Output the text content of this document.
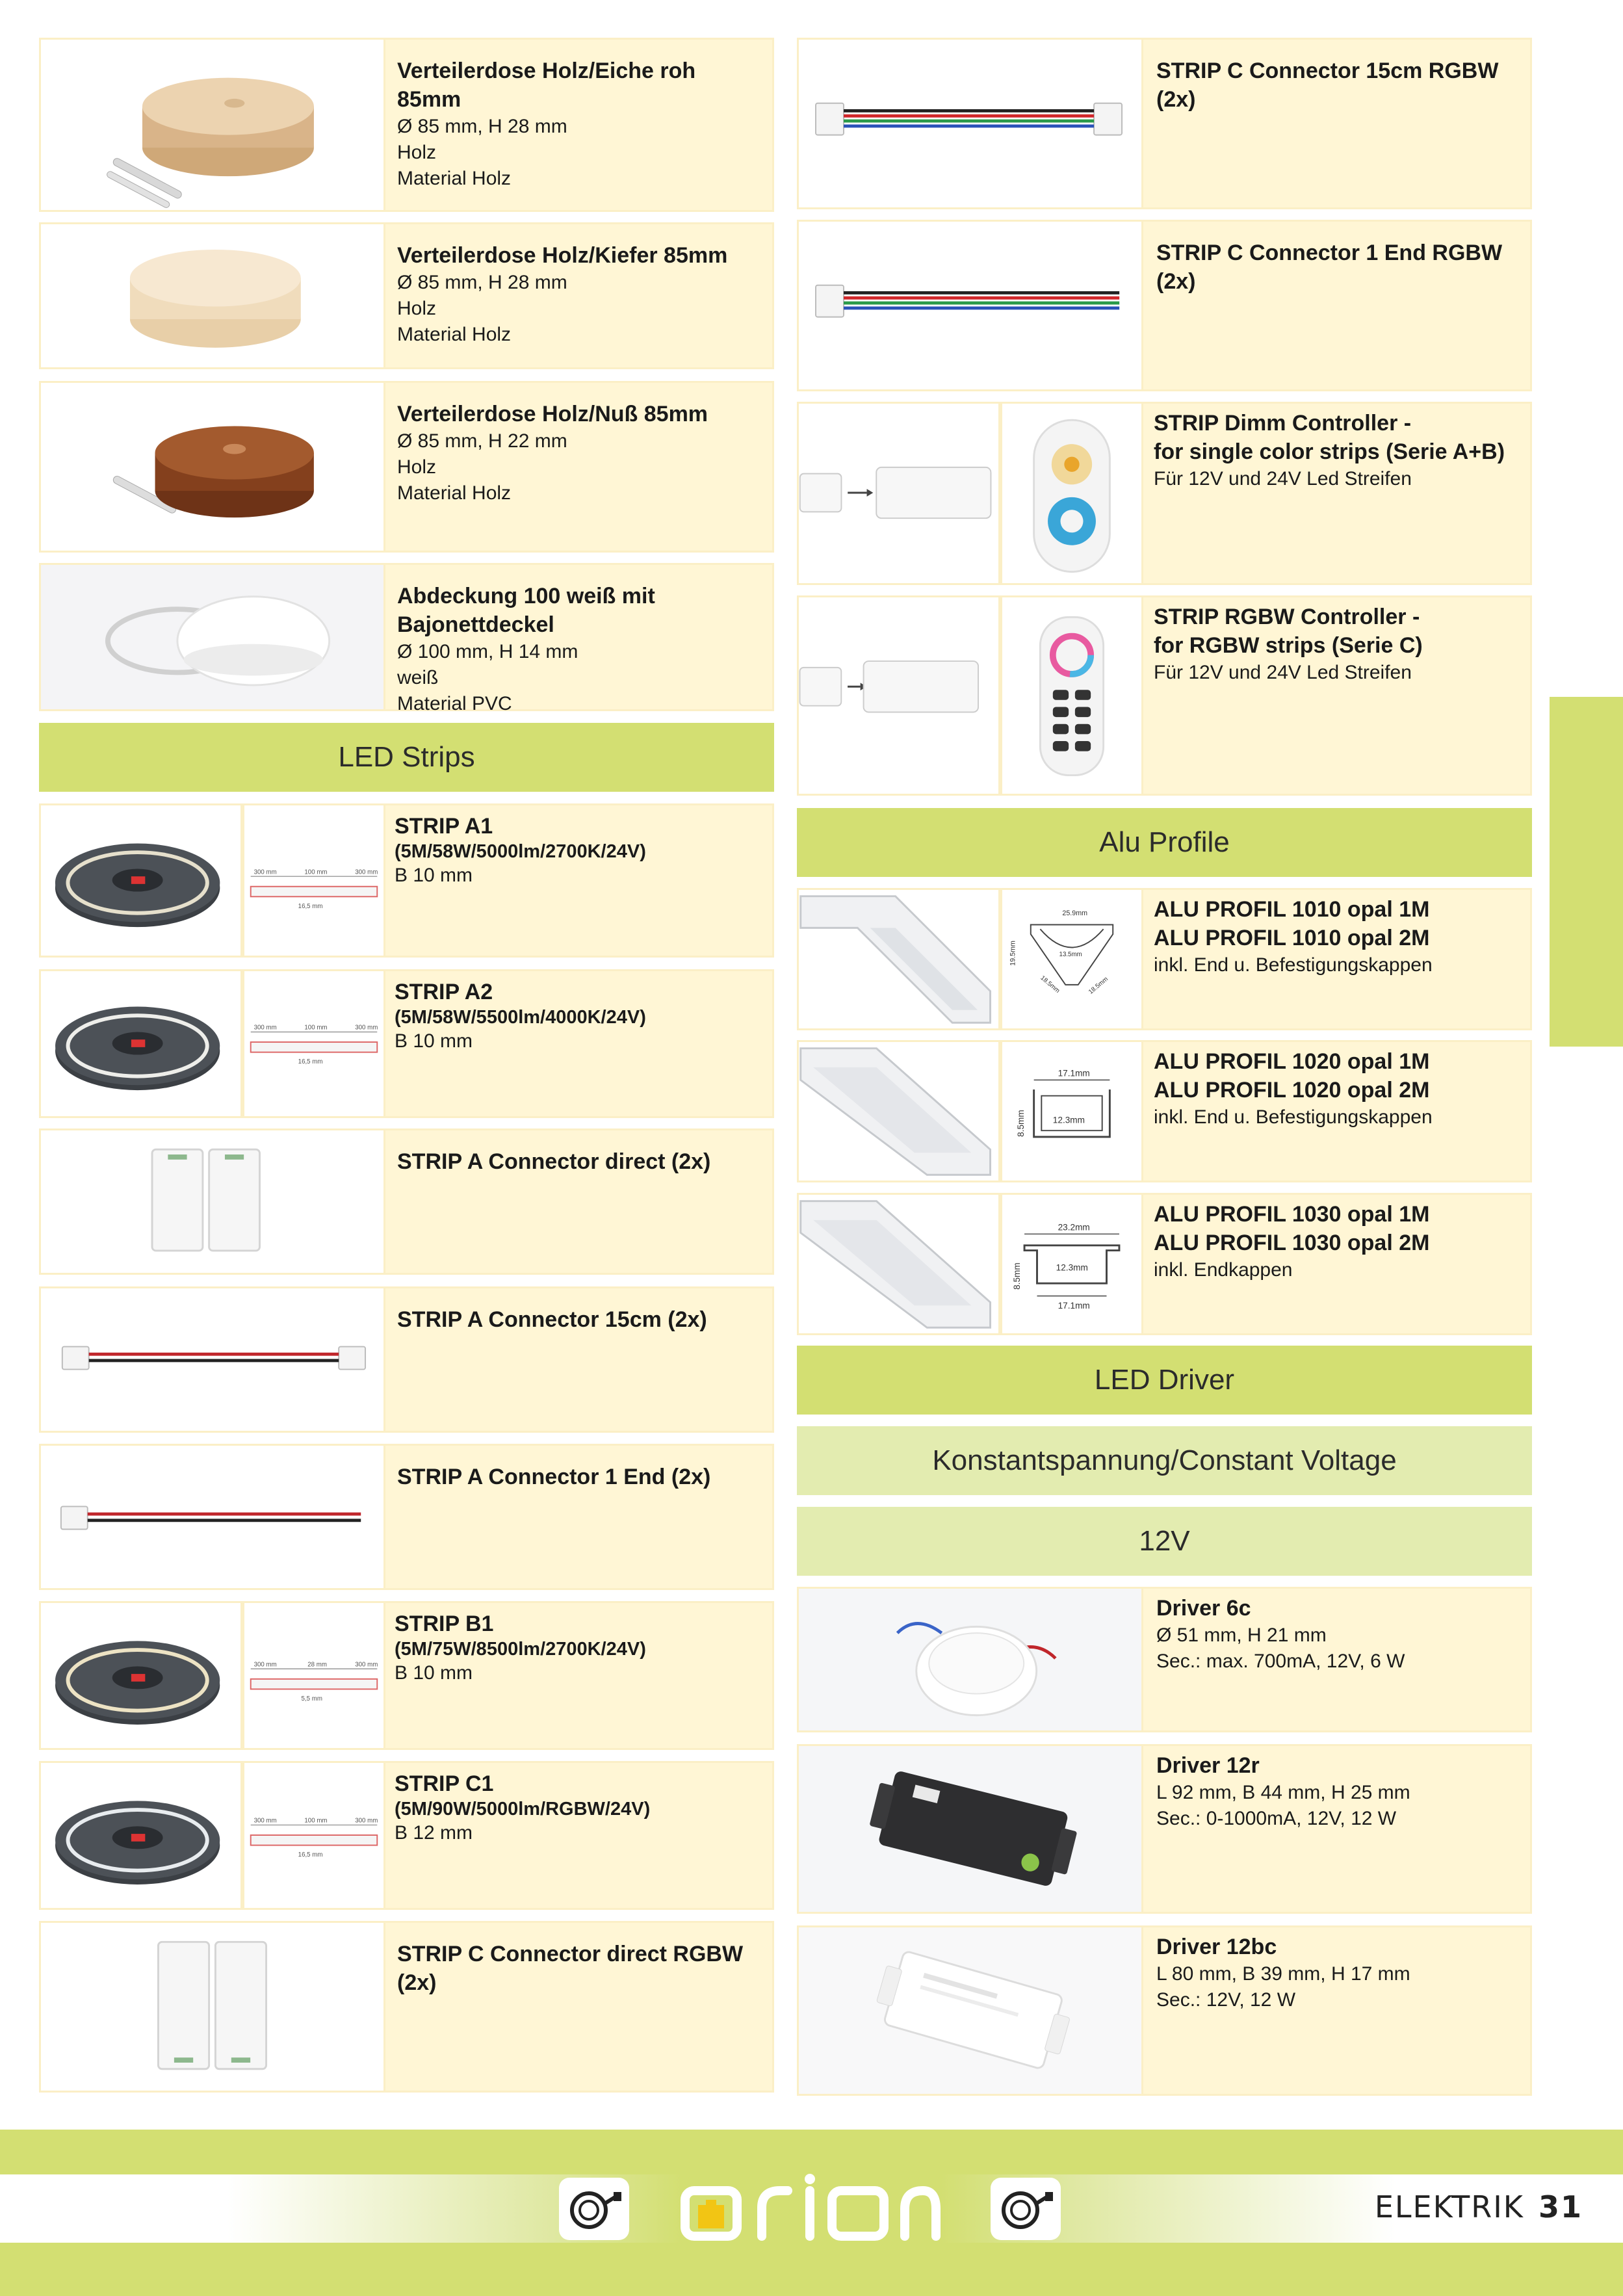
Verteilerdose Holz/Eiche roh 85mm
Ø 85 mm, H 28 mm
Holz
Material Holz
Verteilerdose Holz/Kiefer 85mm
Ø 85 mm, H 28 mm
Holz
Material Holz
Verteilerdose Holz/Nuß 85mm
Ø 85 mm, H 22 mm
Holz
Material Holz
Abdeckung 100 weiß mit Bajonettdeckel
Ø 100 mm, H 14 mm
weiß
Material PVC
LED Strips
300 mm	100 mm	300 mm
16,5 mm
STRIP A1
(5M/58W/5000lm/2700K/24V)
B 10 mm
300 mm	100 mm	300 mm
16,5 mm
STRIP A2
(5M/58W/5500lm/4000K/24V)
B 10 mm
STRIP A Connector direct (2x)
STRIP A Connector 15cm (2x)
STRIP A Connector 1 End (2x)
300 mm	28 mm	300 mm
5,5 mm
STRIP B1
(5M/75W/8500lm/2700K/24V)
B 10 mm
300 mm	100 mm	300 mm
16,5 mm
STRIP C1
(5M/90W/5000lm/RGBW/24V)
B 12 mm
STRIP C Connector direct RGBW (2x)
STRIP C Connector 15cm RGBW (2x)
STRIP C Connector 1 End RGBW (2x)
STRIP Dimm Controller -
for single color strips (Serie A+B)
Für 12V und 24V Led Streifen
STRIP RGBW Controller -
for RGBW strips (Serie C)
Für 12V und 24V Led Streifen
Alu Profile
25.9mm
19.5mm	13.5mm
18.5mm	18.5mm
ALU PROFIL 1010 opal 1M
ALU PROFIL 1010 opal 2M
inkl. End u. Befestigungskappen
17.1mm
12.3mm
8.5mm
ALU PROFIL 1020 opal 1M
ALU PROFIL 1020 opal 2M
inkl. End u. Befestigungskappen
23.2mm
12.3mm
17.1mm
8.5mm
ALU PROFIL 1030 opal 1M
ALU PROFIL 1030 opal 2M
inkl. Endkappen
LED Driver
Konstantspannung/Constant Voltage
12V
Driver 6c
Ø 51 mm, H 21 mm
Sec.: max. 700mA, 12V, 6 W
Driver 12r
L 92 mm, B 44 mm, H 25 mm
Sec.: 0-1000mA, 12V, 12 W
Driver 12bc
L 80 mm, B 39 mm, H 17 mm
Sec.: 12V, 12 W
orion
ELEKTRIK 31
